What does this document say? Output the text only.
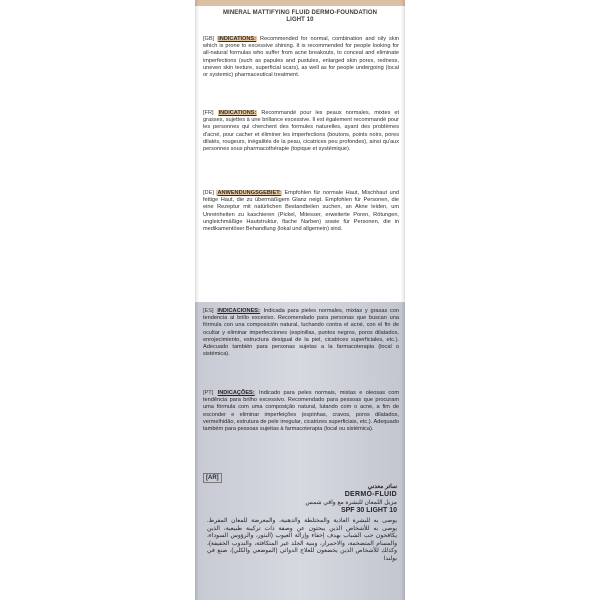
MINERAL MATTIFYING FLUID DERMO-FOUNDATION
LIGHT 10
[GB] INDICATIONS: Recommended for normal, combination and oily skin which is prone to excessive shining. It is recommended for people looking for all-natural formulas who suffer from acne breakouts, to conceal and eliminate imperfections (such as papules and pustules, enlarged skin pores, redness, uneven skin texture, superficial scars), as well as for people undergoing (local or systemic) pharmaceutical treatment.
[FR] INDICATIONS: Recommandé pour les peaux normales, mixtes et grasses, sujettes à une brillance excessive. Il est également recommandé pour les personnes qui cherchent des formules naturelles, ayant des problèmes d'acné, pour cacher et éliminer les imperfections (boutons, points noirs, pores dilatés, rougeurs, inégalités de la peau, cicatrices peu profondes), ainsi qu'aux personnes sous pharmacothérapie (topique et systémique).
[DE] ANWENDUNGSGEBIET: Empfohlen für normale Haut, Mischhaut und fettige Haut, die zu übermäßigem Glanz neigt. Empfohlen für Personen, die eine Rezeptur mit natürlichen Bestandteilen suchen, an Akne leiden, um Unreinheiten zu kaschieren (Pickel, Mitesser, erweiterte Poren, Rötungen, ungleichmäßige Hautstruktur, flache Narben) sowie für Personen, die in medikamentöser Behandlung (lokal und allgemein) sind.
[ES] INDICACIONES: Indicada para pieles normales, mixtas y grasas con tendencia al brillo excesivo. Recomendado para personas que buscan una fórmula con una composición natural, luchando contra el acné, con el fin de ocultar y eliminar imperfecciones (espinillas, puntos negros, poros dilatados, enrojecimiento, estructura desigual de la piel, cicatrices superficiales, etc.). Adecuado también para personas sujetas a la farmacoterapia (local o sistémica).
[PT] INDICAÇÕES: Indicado para peles normais, mistas e oleosas com tendência para brilho excessivo. Recomendado para pessoas que procuram uma fórmula com uma composição natural, lutando com o acne, a fim de esconder e eliminar imperfeições (espinhas, cravos, poros dilatados, vermelhidão, estrutura de pele irregular, cicatrizes superficiais, etc.). Adequado também para pessoas sujeitas à farmacoterapia (local ou sistémica).
[AR]
ساتر معدني
DERMO-FLUID
مزيل اللمعان للبشرة مع واقي شمس
SPF 30 LIGHT 10
يوصى به للبشرة العادية والمختلطة والدهنية، والمعرضة للمعان المفرط. يوصى به للأشخاص الذين يبحثون عن وصفة ذات تركيبة طبيعية، الذين يكافحون حب الشباب بهدف إخفاء وإزالة العيوب (البثور، والرؤوس السوداء، والمسام المتضخمة، والاحمرار، وبنية الجلد غير المتكافئة، والندوب الخفيفة)، وكذلك للأشخاص الذين يخضعون للعلاج الدوائي (الموضعي والكلي). صنع في بولندا
